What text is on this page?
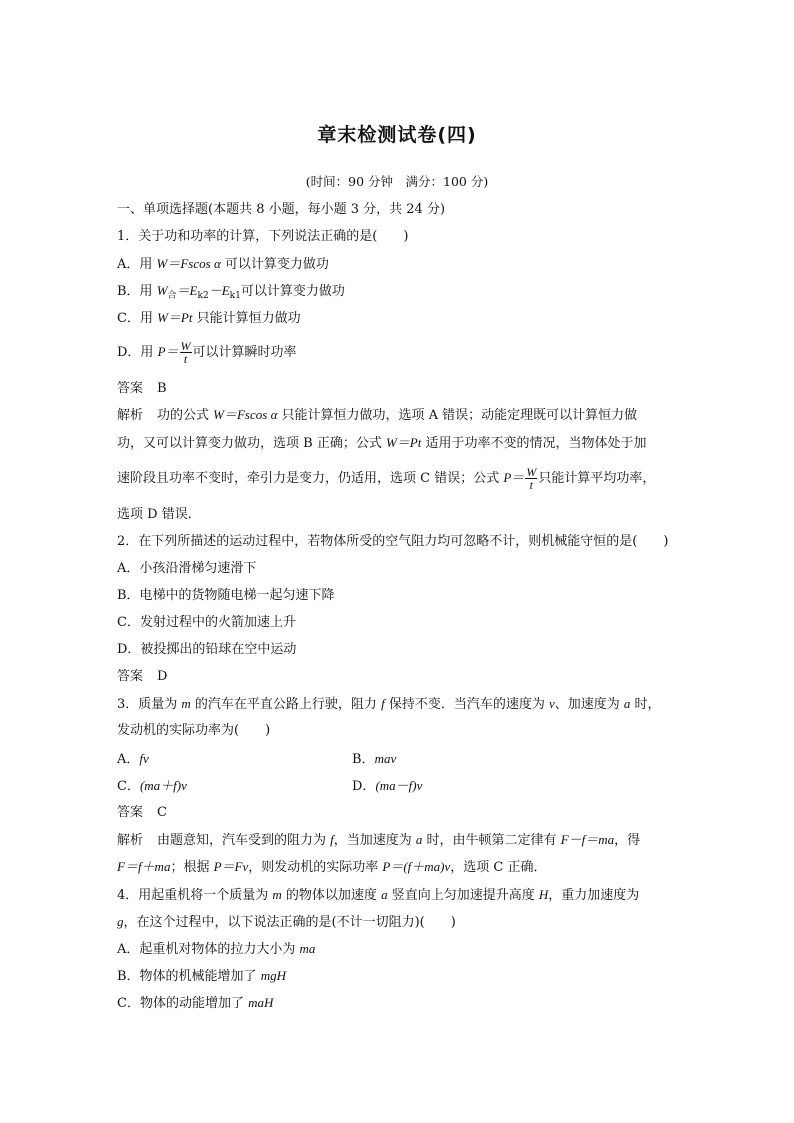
章末检测试卷(四)
(时间：90 分钟　满分：100 分)
一、单项选择题(本题共 8 小题，每小题 3 分，共 24 分)
1．关于功和功率的计算，下列说法正确的是(　　)
A．用 W＝Fscos α 可以计算变力做功
B．用 $W_合=E_{k2}-E_{k1}$可以计算变力做功
C．用 W＝Pt 只能计算恒力做功
D．用 $P= \frac{W}{t}$ 可以计算瞬时功率
答案 B
解析 功的公式 W＝Fscos α 只能计算恒力做功，选项 A 错误；动能定理既可以计算恒力做
功，又可以计算变力做功，选项 B 正确；公式 W＝Pt 适用于功率不变的情况，当物体处于加
速阶段且功率不变时，牵引力是变力，仍适用，选项 C 错误；公式 $P= \frac{W}{t}$ 只能计算平均功率，
选项 D 错误．
2．在下列所描述的运动过程中，若物体所受的空气阻力均可忽略不计，则机械能守恒的是(　　)
A．小孩沿滑梯匀速滑下
B．电梯中的货物随电梯一起匀速下降
C．发射过程中的火箭加速上升
D．被投掷出的铅球在空中运动
答案 D
3．质量为 m 的汽车在平直公路上行驶，阻力 f 保持不变．当汽车的速度为 v、加速度为 a 时，
发动机的实际功率为(　　)
A．fv	B．mav
C．(ma＋f)v	D．(ma－f)v
答案 C
解析 由题意知，汽车受到的阻力为 f，当加速度为 a 时，由牛顿第二定律有 F－f＝ma，得
F＝f＋ma；根据 P＝Fv，则发动机的实际功率 P＝(f＋ma)v，选项 C 正确．
4．用起重机将一个质量为 m 的物体以加速度 a 竖直向上匀加速提升高度 H，重力加速度为
g，在这个过程中，以下说法正确的是(不计一切阻力)(　　)
A．起重机对物体的拉力大小为 ma
B．物体的机械能增加了 mgH
C．物体的动能增加了 maH
